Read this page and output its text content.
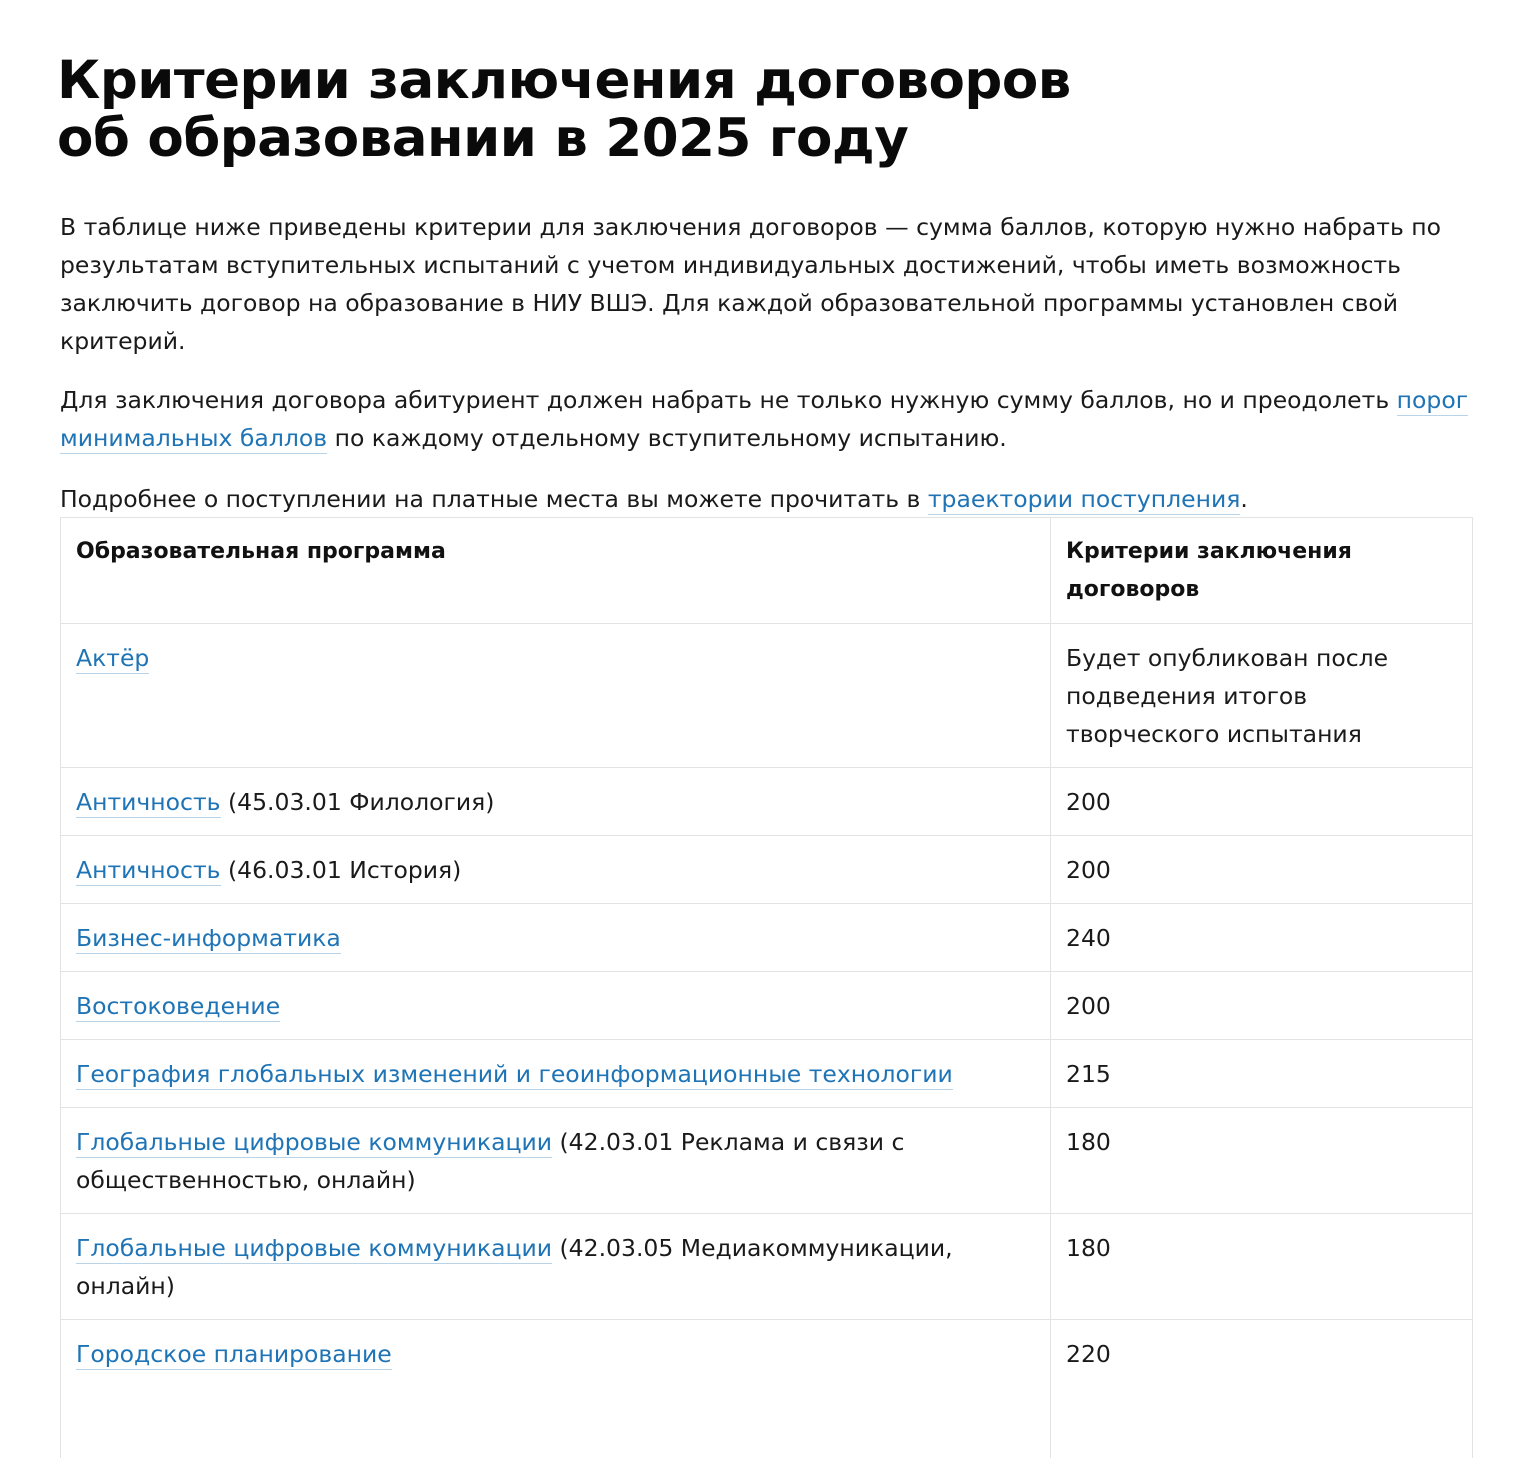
Критерии заключения договоров об образовании в 2025 году

В таблице ниже приведены критерии для заключения договоров — сумма баллов, которую нужно набрать по результатам вступительных испытаний с учетом индивидуальных достижений, чтобы иметь возможность заключить договор на образование в НИУ ВШЭ. Для каждой образовательной программы установлен свой критерий.

Для заключения договора абитуриент должен набрать не только нужную сумму баллов, но и преодолеть порог минимальных баллов по каждому отдельному вступительному испытанию.

Подробнее о поступлении на платные места вы можете прочитать в траектории поступления.

Образовательная программа	Критерии заключения договоров
Актёр	Будет опубликован после подведения итогов творческого испытания
Античность (45.03.01 Филология)	200
Античность (46.03.01 История)	200
Бизнес-информатика	240
Востоковедение	200
География глобальных изменений и геоинформационные технологии	215
Глобальные цифровые коммуникации (42.03.01 Реклама и связи с общественностью, онлайн)	180
Глобальные цифровые коммуникации (42.03.05 Медиакоммуникации, онлайн)	180
Городское планирование	220
